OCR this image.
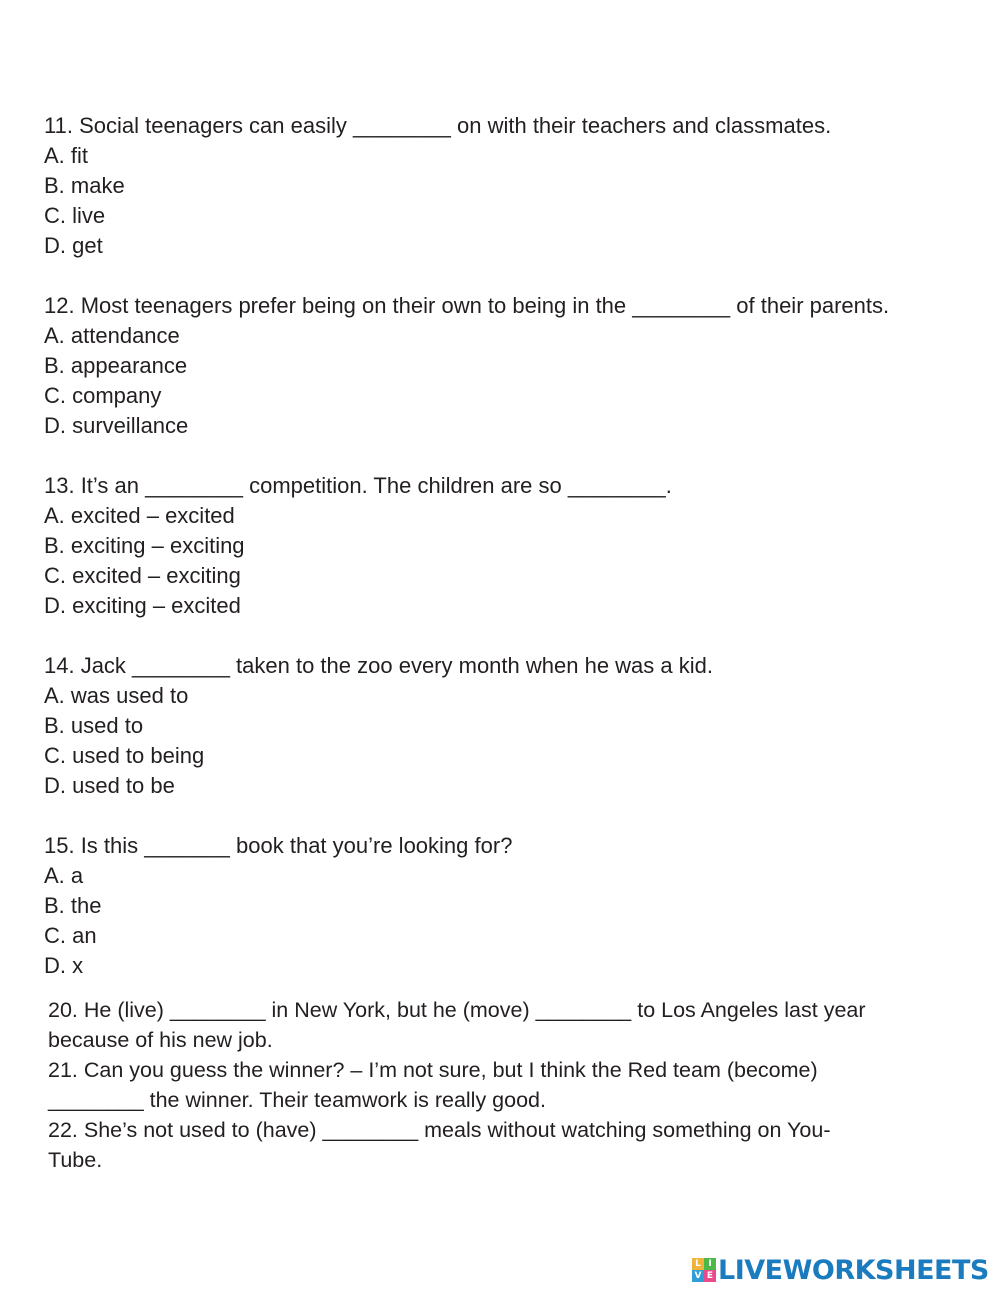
11. Social teenagers can easily ________ on with their teachers and classmates.
A. fit
B. make
C. live
D. get
12. Most teenagers prefer being on their own to being in the ________ of their parents.
A. attendance
B. appearance
C. company
D. surveillance
13. It’s an ________ competition. The children are so ________.
A. excited – excited
B. exciting – exciting
C. excited – exciting
D. exciting – excited
14. Jack ________ taken to the zoo every month when he was a kid.
A. was used to
B. used to
C. used to being
D. used to be
15. Is this _______ book that you’re looking for?
A. a
B. the
C. an
D. x
20. He (live) ________ in New York, but he (move) ________ to Los Angeles last year
because of his new job.
21. Can you guess the winner? – I’m not sure, but I think the Red team (become)
________ the winner. Their teamwork is really good.
22. She’s not used to (have) ________ meals without watching something on You-
Tube.
L I
V E LIVEWORKSHEETS
